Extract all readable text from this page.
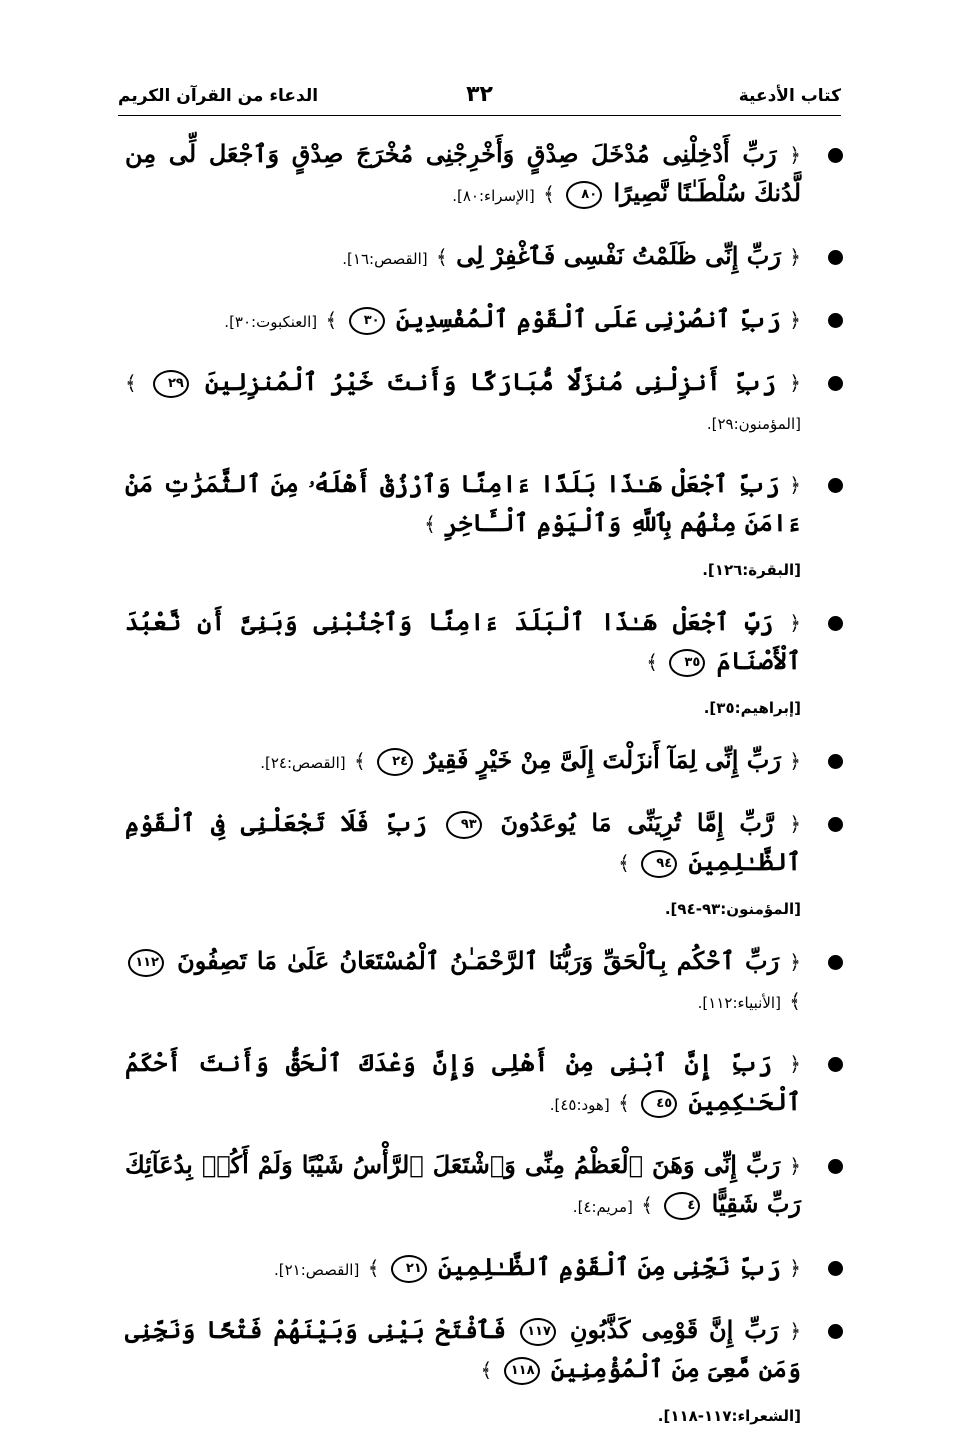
كتاب الأدعية
٣٢
الدعاء من القرآن الكريم
﴿ رَبِّ أَدْخِلْنِى مُدْخَلَ صِدْقٍ وَأَخْرِجْنِى مُخْرَجَ صِدْقٍ وَٱجْعَل لِّى مِن لَّدُنكَ سُلْطَـٰنًا نَّصِيرًا ٨٠ ﴾ [الإسراء:٨٠].
﴿ رَبِّ إِنِّى ظَلَمْتُ نَفْسِى فَٱغْفِرْ لِى ﴾ [القصص:١٦].
﴿ رَبِّ ٱنصُرْنِى عَلَى ٱلْقَوْمِ ٱلْمُفْسِدِينَ ٣٠ ﴾ [العنكبوت:٣٠].
﴿ رَبِّ أَنزِلْنِى مُنزَلًا مُّبَارَكًا وَأَنتَ خَيْرُ ٱلْمُنزِلِينَ ٢٩ ﴾ [المؤمنون:٢٩].
﴿ رَبِّ ٱجْعَلْ هَـٰذَا بَلَدًا ءَامِنًا وَٱرْزُقْ أَهْلَهُۥ مِنَ ٱلثَّمَرَٰتِ مَنْ ءَامَنَ مِنْهُم بِٱللَّهِ وَٱلْيَوْمِ ٱلْـَٔاخِرِ ﴾
[البقرة:١٢٦].
﴿ رَبِّ ٱجْعَلْ هَـٰذَا ٱلْبَلَدَ ءَامِنًا وَٱجْنُبْنِى وَبَنِىَّ أَن نَّعْبُدَ ٱلْأَصْنَامَ ٣٥ ﴾
[إبراهيم:٣٥].
﴿ رَبِّ إِنِّى لِمَآ أَنزَلْتَ إِلَىَّ مِنْ خَيْرٍ فَقِيرٌ ٢٤ ﴾ [القصص:٢٤].
﴿ رَّبِّ إِمَّا تُرِيَنِّى مَا يُوعَدُونَ ٩٣ رَبِّ فَلَا تَجْعَلْنِى فِى ٱلْقَوْمِ ٱلظَّـٰلِمِينَ ٩٤ ﴾
[المؤمنون:٩٣-٩٤].
﴿ رَبِّ ٱحْكُم بِٱلْحَقِّ وَرَبُّنَا ٱلرَّحْمَـٰنُ ٱلْمُسْتَعَانُ عَلَىٰ مَا تَصِفُونَ ١١٢ ﴾ [الأنبياء:١١٢].
﴿ رَبِّ إِنَّ ٱبْنِى مِنْ أَهْلِى وَإِنَّ وَعْدَكَ ٱلْحَقُّ وَأَنتَ أَحْكَمُ ٱلْحَـٰكِمِينَ ٤٥ ﴾ [هود:٤٥].
﴿ رَبِّ إِنِّى وَهَنَ ٱلْعَظْمُ مِنِّى وَٱشْتَعَلَ ٱلرَّأْسُ شَيْبًا وَلَمْ أَكُنۢ بِدُعَآئِكَ رَبِّ شَقِيًّا ٤ ﴾ [مريم:٤].
﴿ رَبِّ نَجِّنِى مِنَ ٱلْقَوْمِ ٱلظَّـٰلِمِينَ ٢١ ﴾ [القصص:٢١].
﴿ رَبِّ إِنَّ قَوْمِى كَذَّبُونِ ١١٧ فَٱفْتَحْ بَيْنِى وَبَيْنَهُمْ فَتْحًا وَنَجِّنِى وَمَن مَّعِىَ مِنَ ٱلْمُؤْمِنِينَ ١١٨ ﴾
[الشعراء:١١٧-١١٨].
